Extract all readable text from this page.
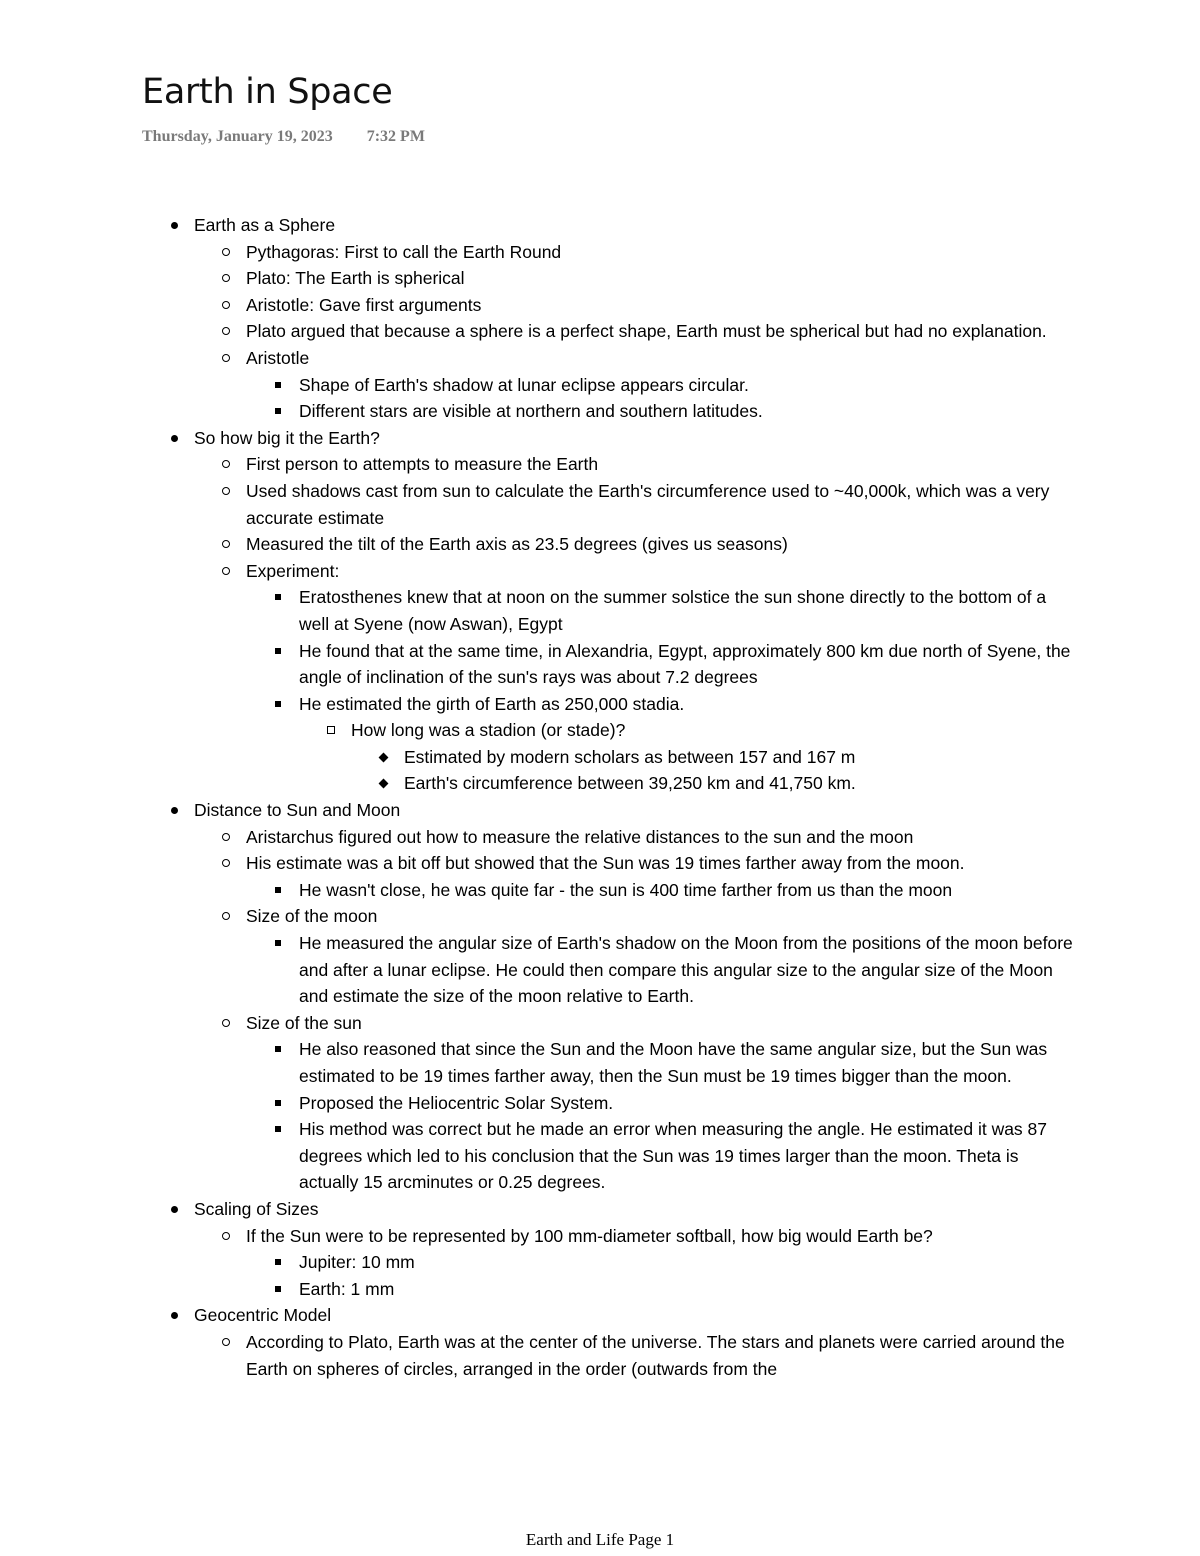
Earth in Space
Thursday, January 19, 2023 7:32 PM
Earth as a Sphere
Pythagoras: First to call the Earth Round
Plato: The Earth is spherical
Aristotle: Gave first arguments
Plato argued that because a sphere is a perfect shape, Earth must be spherical but had no explanation.
Aristotle
Shape of Earth's shadow at lunar eclipse appears circular.
Different stars are visible at northern and southern latitudes.
So how big it the Earth?
First person to attempts to measure the Earth
Used shadows cast from sun to calculate the Earth's circumference used to ~40,000k, which was a very accurate estimate
Measured the tilt of the Earth axis as 23.5 degrees (gives us seasons)
Experiment:
Eratosthenes knew that at noon on the summer solstice the sun shone directly to the bottom of a well at Syene (now Aswan), Egypt
He found that at the same time, in Alexandria, Egypt, approximately 800 km due north of Syene, the angle of inclination of the sun's rays was about 7.2 degrees
He estimated the girth of Earth as 250,000 stadia.
How long was a stadion (or stade)?
Estimated by modern scholars as between 157 and 167 m
Earth's circumference between 39,250 km and 41,750 km.
Distance to Sun and Moon
Aristarchus figured out how to measure the relative distances to the sun and the moon
His estimate was a bit off but showed that the Sun was 19 times farther away from the moon.
He wasn't close, he was quite far - the sun is 400 time farther from us than the moon
Size of the moon
He measured the angular size of Earth's shadow on the Moon from the positions of the moon before and after a lunar eclipse. He could then compare this angular size to the angular size of the Moon and estimate the size of the moon relative to Earth.
Size of the sun
He also reasoned that since the Sun and the Moon have the same angular size, but the Sun was estimated to be 19 times farther away, then the Sun must be 19 times bigger than the moon.
Proposed the Heliocentric Solar System.
His method was correct but he made an error when measuring the angle. He estimated it was 87 degrees which led to his conclusion that the Sun was 19 times larger than the moon. Theta is actually 15 arcminutes or 0.25 degrees.
Scaling of Sizes
If the Sun were to be represented by 100 mm-diameter softball, how big would Earth be?
Jupiter: 10 mm
Earth: 1 mm
Geocentric Model
According to Plato, Earth was at the center of the universe. The stars and planets were carried around the Earth on spheres of circles, arranged in the order (outwards from the
Earth and Life Page 1
